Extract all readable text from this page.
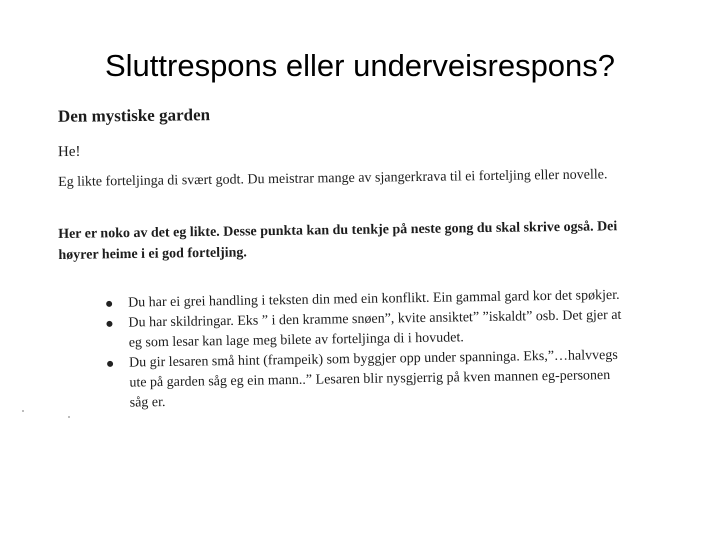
Sluttrespons eller underveisrespons?
Den mystiske garden
He!
Eg likte forteljinga di svært godt. Du meistrar mange av sjangerkrava til ei forteljing eller novelle.
Her er noko av det eg likte. Desse punkta kan du tenkje på neste gong du skal skrive også. Dei høyrer heime i ei god forteljing.
Du har ei grei handling i teksten din med ein konflikt. Ein gammal gard kor det spøkjer.
Du har skildringar. Eks ” i den kramme snøen”, kvite ansiktet” ”iskaldt” osb. Det gjer at eg som lesar kan lage meg bilete av forteljinga di i hovudet.
Du gir lesaren små hint (frampeik) som byggjer opp under spanninga. Eks,”…halvvegs ute på garden såg eg ein mann..” Lesaren blir nysgjerrig på kven mannen eg-personen såg er.
